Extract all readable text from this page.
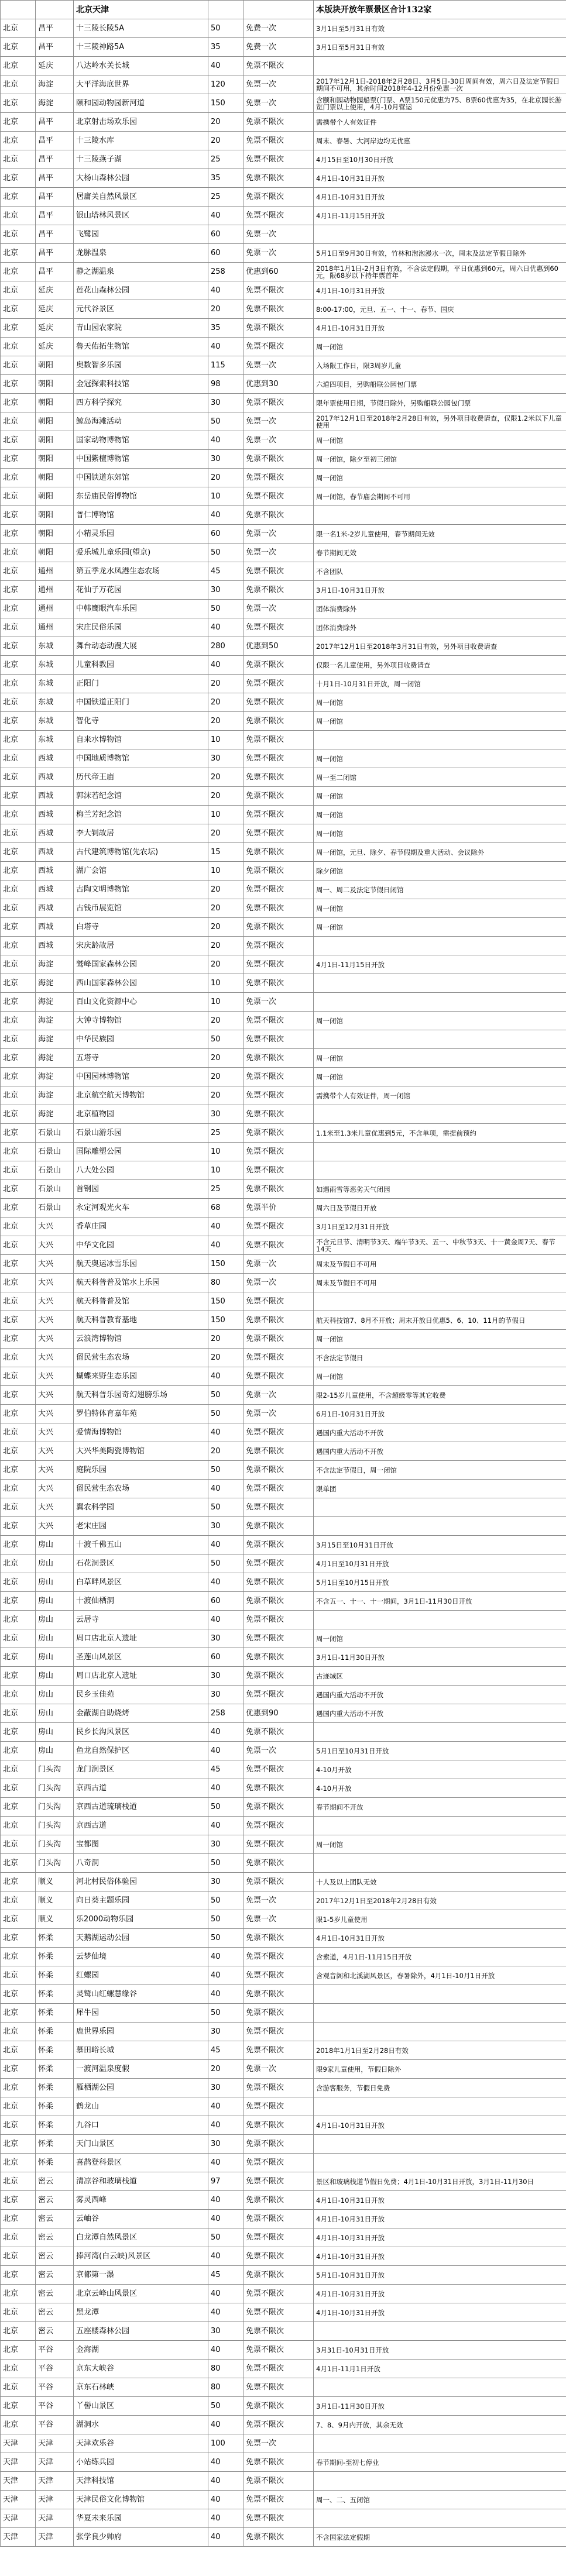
		北京天津			本版块开放年票景区合计132家
北京	昌平	十三陵长陵5A	50	免费一次	3月1日至5月31日有效
北京	昌平	十三陵神路5A	35	免费一次	3月1日至5月31日有效
北京	延庆	八达岭水关长城	40	免票不限次	
北京	海淀	大平洋海底世界	120	免票一次	2017年12月1日-2018年2月28日、3月5日-30日周间有效，周六日及法定节假日期间不可用，其余时间2018年4-12月份免票一次
北京	海淀	颐和园动物园新河道	150	免票一次	含颐和园动物园船票(门票、A票150元优惠为75、B票60优惠为35，在北京园长游览门票以上使用，4月-10月营运
北京	昌平	北京射击场欢乐园	20	免票不限次	需携带个人有效证件
北京	昌平	十三陵水库	20	免票不限次	周末、春暑、大河岸边均无优惠
北京	昌平	十三陵燕子湖	25	免票不限次	4月15日至10月30日开放
北京	昌平	大杨山森林公园	35	免票不限次	4月1日-10月31日开放
北京	昌平	居庸关自然风景区	25	免票不限次	4月1日-10月31日开放
北京	昌平	银山塔林风景区	40	免票不限次	4月1日-11月15日开放
北京	昌平	飞鹭园	60	免票一次	
北京	昌平	龙脉温泉	60	免票一次	5月1日至9月30日有效，竹林和泡泡漫水一次，周末及法定节假日除外
北京	昌平	静之湖温泉	258	优惠到60	2018年1月1日-2月3日有效，不含法定假期，平日优惠到60元，周六日优惠到60元，限68岁以下持年票首年
北京	延庆	莲花山森林公园	40	免票不限次	4月1日-10月31日开放
北京	延庆	元代谷景区	20	免票不限次	8:00-17:00，元旦、五一、十一、春节、国庆
北京	延庆	青山园农家院	35	免票不限次	4月1日-10月31日开放
北京	延庆	魯天佑拓生物馆	40	免票不限次	周一闭馆
北京	朝阳	奥数智多乐园	115	免票一次	入场限工作日，限3周岁儿童
北京	朝阳	金冠探索科技馆	98	优惠到30	六道四项目，另购船联公园包门票
北京	朝阳	四方科学探究	30	免票不限次	限年票使用日期，节假日除外，另购船联公园包门票
北京	朝阳	鲸岛海滩活动	50	免票一次	2017年12月1日至2018年2月28日有效，另外项目收费请查，仅限1.2米以下儿童使用
北京	朝阳	国家动物博物馆	40	免票一次	周一闭馆
北京	朝阳	中国紫檀博物馆	30	免票不限次	周一闭馆，除夕至初三闭馆
北京	朝阳	中国铁道东郊馆	20	免票不限次	周一闭馆
北京	朝阳	东岳庙民俗博物馆	10	免票不限次	周一闭馆，春节庙会期间不可用
北京	朝阳	普仁博物馆	40	免票不限次	
北京	朝阳	小精灵乐园	60	免票一次	限一名1米-2岁儿童使用，春节期间无效
北京	朝阳	爱乐城儿童乐园(望京)	50	免票一次	春节期间无效
北京	通州	第五季龙水凤港生态农场	45	免票不限次	不含团队
北京	通州	花仙子万花园	30	免票不限次	3月1日-10月31日开放
北京	通州	中韩鹰眼汽车乐园	50	免票一次	团体消费除外
北京	通州	宋庄民俗乐园	40	免票不限次	团体消费除外
北京	东城	舞台动态动漫大展	280	优惠到50	2017年12月1日至2018年3月31日有效，另外项目收费请查
北京	东城	儿童科教园	40	免票不限次	仅限一名儿童使用，另外项目收费请查
北京	东城	正阳门	20	免票不限次	十月1日-10月31日开放，周一闭馆
北京	东城	中国铁道正阳门	20	免票不限次	周一闭馆
北京	东城	智化寺	20	免票不限次	周一闭馆
北京	东城	自来水博物馆	10	免票不限次	
北京	西城	中国地质博物馆	30	免票不限次	周一闭馆
北京	西城	历代帝王庙	20	免票不限次	周一至二闭馆
北京	西城	郭沫若纪念馆	20	免票不限次	周一闭馆
北京	西城	梅兰芳纪念馆	10	免票不限次	周一闭馆
北京	西城	李大钊故居	20	免票不限次	周一闭馆
北京	西城	古代建筑博物馆(先农坛)	15	免票不限次	周一闭馆，元旦、除夕、春节假期及重大活动、会议除外
北京	西城	湖广会馆	10	免票不限次	除夕闭馆
北京	西城	古陶文明博物馆	20	免票不限次	周一、周二及法定节假日闭馆
北京	西城	古钱币展览馆	20	免票不限次	周一闭馆
北京	西城	白塔寺	20	免票不限次	周一闭馆
北京	西城	宋庆龄故居	20	免票不限次	
北京	海淀	鹫峰国家森林公园	20	免票不限次	4月1日-11月15日开放
北京	海淀	西山国家森林公园	10	免票不限次	
北京	海淀	百山文化资源中心	10	免票一次	
北京	海淀	大钟寺博物馆	20	免票不限次	周一闭馆
北京	海淀	中华民族园	50	免票不限次	
北京	海淀	五塔寺	20	免票不限次	周一闭馆
北京	海淀	中国园林博物馆	20	免票不限次	周一闭馆
北京	海淀	北京航空航天博物馆	20	免票不限次	需携带个人有效证件，周一闭馆
北京	海淀	北京植物园	30	免票不限次	
北京	石景山	石景山游乐园	25	免票不限次	1.1米至1.3米儿童优惠到5元，不含单项，需提前预约
北京	石景山	国际雕塑公园	10	免票不限次	
北京	石景山	八大处公园	10	免票不限次	
北京	石景山	首钢园	25	免票不限次	如遇雨雪等恶劣天气闭园
北京	石景山	永定河观光火车	68	免票半价	周六日及节假日开放
北京	大兴	香草庄园	40	免票不限次	3月1日至12月31日开放
北京	大兴	中华文化园	40	免票不限次	不含元旦节、清明节3天、端午节3天、五一、中秋节3天、十一黄金周7天、春节14天
北京	大兴	航天奥运冰雪乐园	150	免票一次	周末及节假日不可用
北京	大兴	航天科普普及馆水上乐园	80	免票一次	周末及节假日不可用
北京	大兴	航天科普普及馆	150	免票不限次	
北京	大兴	航天科普教育基地	150	免票不限次	航天科技馆7、8月不开放；周末开放日优惠5、6、10、11月的节假日
北京	大兴	云浪湾博物馆	20	免票不限次	周一闭馆
北京	大兴	留民营生态农场	20	免票不限次	不含法定节假日
北京	大兴	蝴蝶来野生态乐园	40	免票不限次	周一闭馆
北京	大兴	航天科普乐园奇幻翅膀乐场	50	免票一次	限2-15岁儿童使用，不含超级零等其它收费
北京	大兴	罗伯特体育嘉年苑	50	免票一次	6月1日-10月31日开放
北京	大兴	爱情海博物馆	40	免票不限次	遇国内重大活动不开放
北京	大兴	大兴华美陶瓷博物馆	20	免票不限次	遇国内重大活动不开放
北京	大兴	庭院乐园	50	免票不限次	不含法定节假日，周一闭馆
北京	大兴	留民营生态农场	40	免票不限次	限单团
北京	大兴	翼农科学园	50	免票不限次	
北京	大兴	老宋庄园	30	免票不限次	
北京	房山	十渡千佛五山	40	免票不限次	3月15日至10月31日开放
北京	房山	石花洞景区	50	免票不限次	4月1日至10月31日开放
北京	房山	白草畔风景区	40	免票不限次	5月1日至10月15日开放
北京	房山	十渡仙栖洞	60	免票不限次	不含五一、十一、十一期间，3月1日-11月30日开放
北京	房山	云居寺	40	免票不限次	
北京	房山	周口店北京人遗址	30	免票不限次	周一闭馆
北京	房山	圣莲山风景区	60	免票不限次	3月1日-11月30日开放
北京	房山	周口店北京人遗址	30	免票不限次	古迹域区
北京	房山	民乡玉佳苑	30	免票不限次	遇国内重大活动不开放
北京	房山	金蔽湖自助烧烤	258	优惠到90	遇国内重大活动不开放
北京	房山	民乡长沟风景区	40	免票不限次	
北京	房山	鱼龙自然保护区	40	免票一次	5月1日至10月31日开放
北京	门头沟	龙门涧景区	45	免票不限次	4-10月开放
北京	门头沟	京西古道	40	免票不限次	4-10月开放
北京	门头沟	京西古道琉璃栈道	50	免票不限次	春节期间不开放
北京	门头沟	京西古道	40	免票不限次	
北京	门头沟	宝都图	30	免票不限次	周一闭馆
北京	门头沟	八奇洞	50	免票不限次	
北京	顺义	河北村民俗体验园	30	免票不限次	十人及以上团队无效
北京	顺义	向日葵主题乐园	50	免票一次	2017年12月1日至2018年2月28日有效
北京	顺义	乐2000动物乐园	50	免票一次	限1-5岁儿童使用
北京	怀柔	天鹅湖运动公园	50	免票不限次	4月1日-10月31日开放
北京	怀柔	云梦仙境	40	免票不限次	含索道，4月1日-11月15日开放
北京	怀柔	红螺园	40	免票不限次	含观音阁和北溪湖风景区，春暑除外，4月1日-10月1日开放
北京	怀柔	灵鹫山红螺慧缘谷	40	免票不限次	
北京	怀柔	犀牛园	50	免票不限次	
北京	怀柔	鹿世界乐园	30	免票不限次	
北京	怀柔	慕田峪长城	45	免票不限次	2018年1月1日至2月28日有效
北京	怀柔	一渡河温泉度假	20	免票一次	限9家儿童使用，节假日除外
北京	怀柔	雁栖湖公园	30	免票不限次	含游客服务，节假日免费
北京	怀柔	鹤龙山	40	免票不限次	
北京	怀柔	九谷口	40	免票不限次	4月1日-10月31日开放
北京	怀柔	天门山景区	30	免票不限次	
北京	怀柔	喜鹊登科景区	40	免票不限次	
北京	密云	清凉谷和玻璃栈道	97	免票不限次	景区和玻璃栈道节假日免费；4月1日-10月31日开放，3月1日-11月30日
北京	密云	雾灵西峰	40	免票不限次	4月1日-10月31日开放
北京	密云	云岫谷	40	免票不限次	4月1日-10月31日开放
北京	密云	白龙潭自然风景区	50	免票不限次	4月1日-10月31日开放
北京	密云	捧河湾(白云峡)风景区	40	免票不限次	4月1日-10月31日开放
北京	密云	京都第一瀑	45	免票不限次	5月1日-10月31日开放
北京	密云	北京云峰山风景区	40	免票不限次	4月1日-10月31日开放
北京	密云	黑龙潭	40	免票不限次	4月1日-10月31日开放
北京	密云	五座楼森林公园	30	免票不限次	
北京	平谷	金海湖	40	免票不限次	3月31日-10月31日开放
北京	平谷	京东大峡谷	80	免票不限次	4月1日-11月1日开放
北京	平谷	京东石林峡	80	免票不限次	
北京	平谷	丫髻山景区	50	免票不限次	3月1日-11月30日开放
北京	平谷	湖洞水	40	免票不限次	7、8、9月内开放，其余无效
天津	天津	天津欢乐谷	100	免票一次	
天津	天津	小站练兵园	40	免票不限次	春节期间-至初七停业
天津	天津	天津科技馆	40	免票不限次	
天津	天津	天津民俗文化博物馆	40	免票不限次	周一、二、五闭馆
天津	天津	华夏未来乐园	40	免票不限次	
天津	天津	张学良少帅府	40	免票不限次	不含国家法定假期
